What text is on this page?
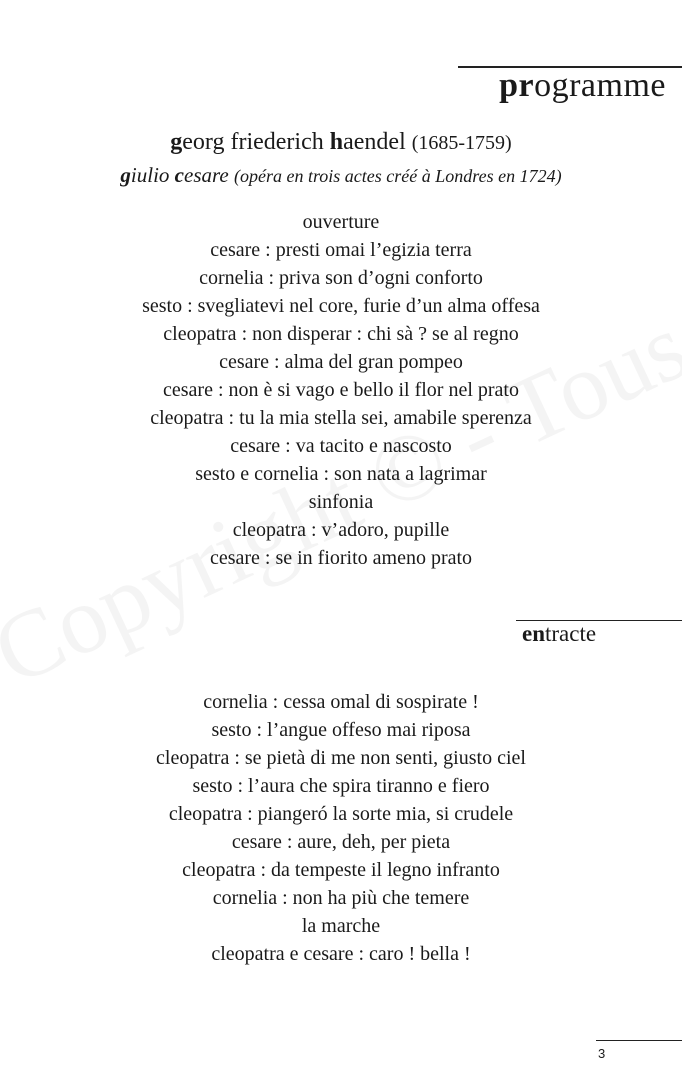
programme
georg friederich haendel (1685-1759)
giulio cesare (opéra en trois actes créé à Londres en 1724)
ouverture
cesare : presti omai l’egizia terra
cornelia : priva son d’ogni conforto
sesto : svegliatevi nel core, furie d’un alma offesa
cleopatra : non disperar : chi sà ? se al regno
cesare : alma del gran pompeo
cesare : non è si vago e bello il flor nel prato
cleopatra : tu la mia stella sei, amabile sperenza
cesare : va tacito e nascosto
sesto e cornelia : son nata a lagrimar
sinfonia
cleopatra : v’adoro, pupille
cesare : se in fiorito ameno prato
entracte
cornelia : cessa omal di sospirate !
sesto : l’angue offeso mai riposa
cleopatra : se pietà di me non senti, giusto ciel
sesto : l’aura che spira tiranno e fiero
cleopatra : piangeró la sorte mia, si crudele
cesare : aure, deh, per pieta
cleopatra : da tempeste il legno infranto
cornelia : non ha più che temere
la marche
cleopatra e cesare : caro ! bella !
3
